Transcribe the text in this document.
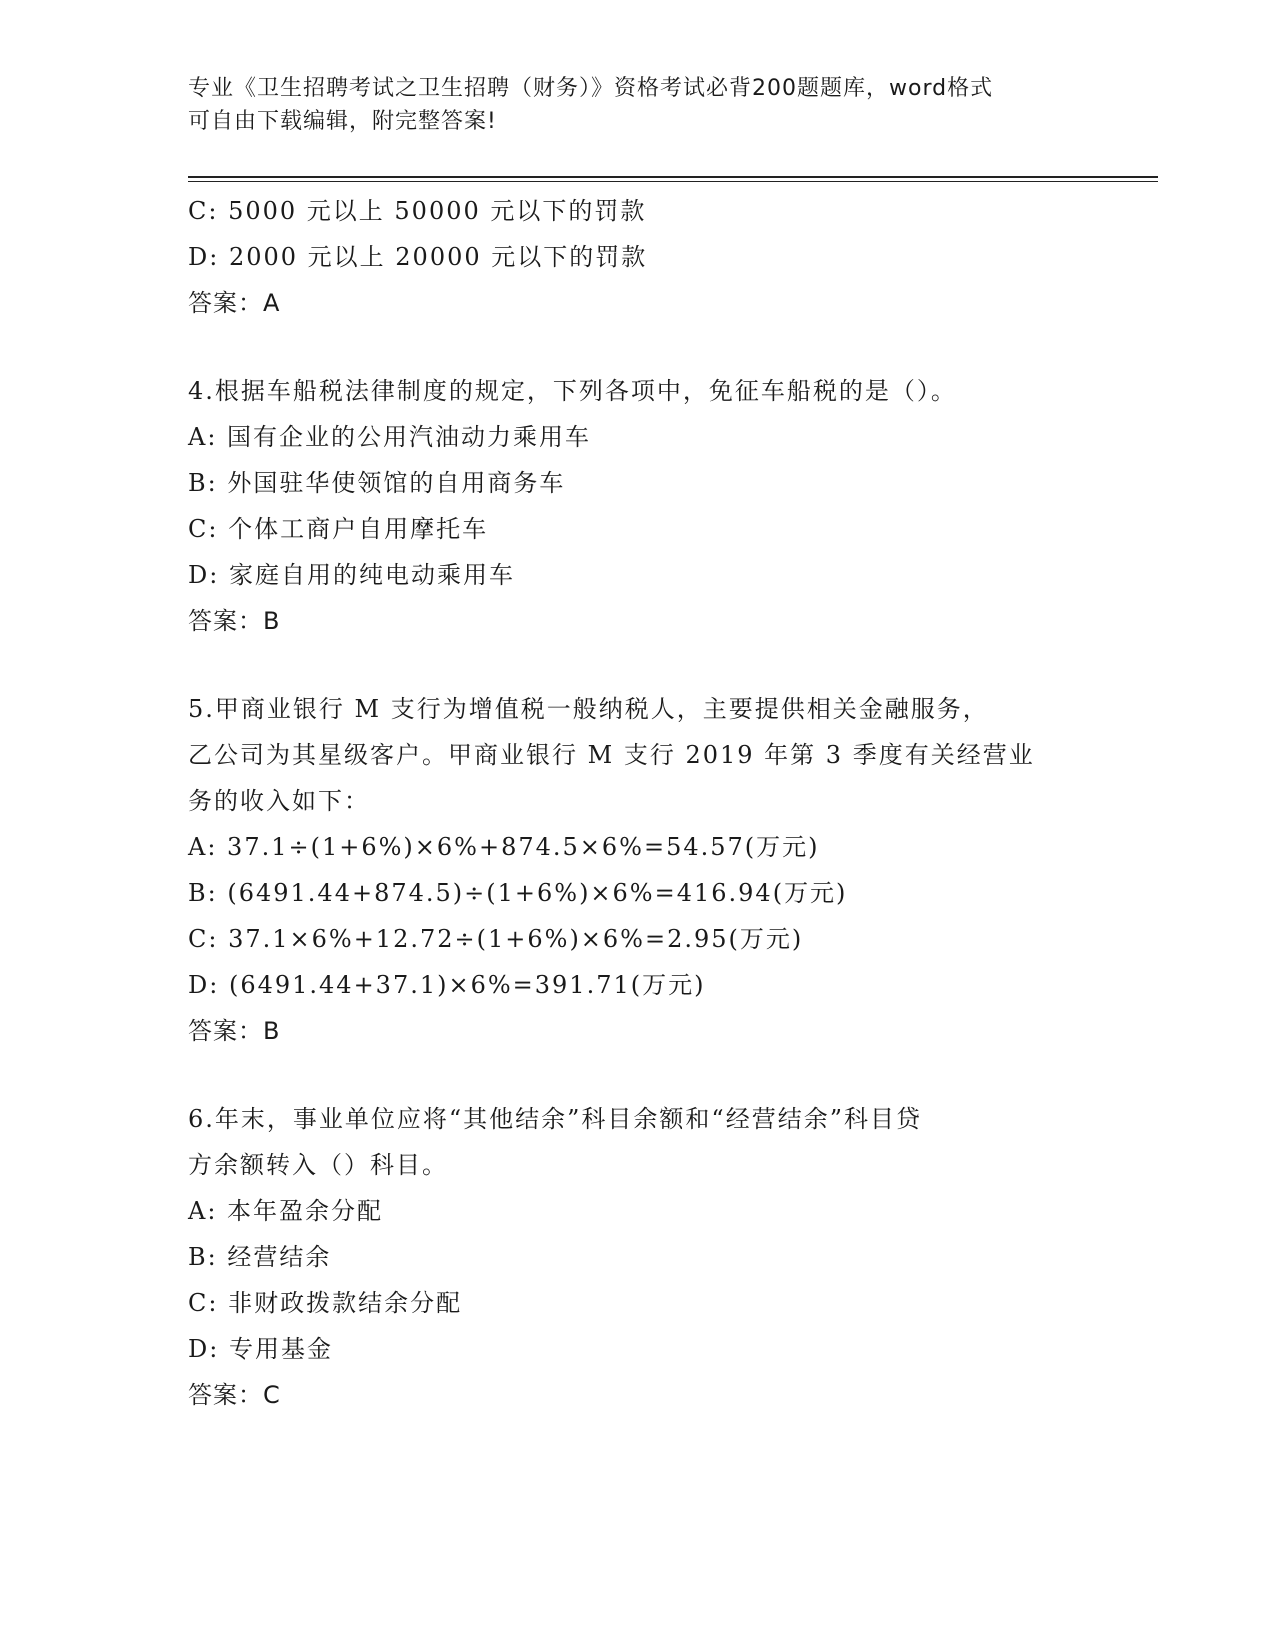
专业《卫生招聘考试之卫生招聘（财务）》资格考试必背200题题库，word格式
可自由下载编辑，附完整答案!
C: 5000 元以上 50000 元以下的罚款
D: 2000 元以上 20000 元以下的罚款
答案：A
4.根据车船税法律制度的规定，下列各项中，免征车船税的是（）。
A: 国有企业的公用汽油动力乘用车
B: 外国驻华使领馆的自用商务车
C: 个体工商户自用摩托车
D: 家庭自用的纯电动乘用车
答案：B
5.甲商业银行 M 支行为增值税一般纳税人，主要提供相关金融服务，
乙公司为其星级客户。甲商业银行 M 支行 2019 年第 3 季度有关经营业
务的收入如下：
A: 37.1÷(1+6%)×6%+874.5×6%=54.57(万元)
B: (6491.44+874.5)÷(1+6%)×6%=416.94(万元)
C: 37.1×6%+12.72÷(1+6%)×6%=2.95(万元)
D: (6491.44+37.1)×6%=391.71(万元)
答案：B
6.年末，事业单位应将“其他结余”科目余额和“经营结余”科目贷
方余额转入（）科目。
A: 本年盈余分配
B: 经营结余
C: 非财政拨款结余分配
D: 专用基金
答案：C
